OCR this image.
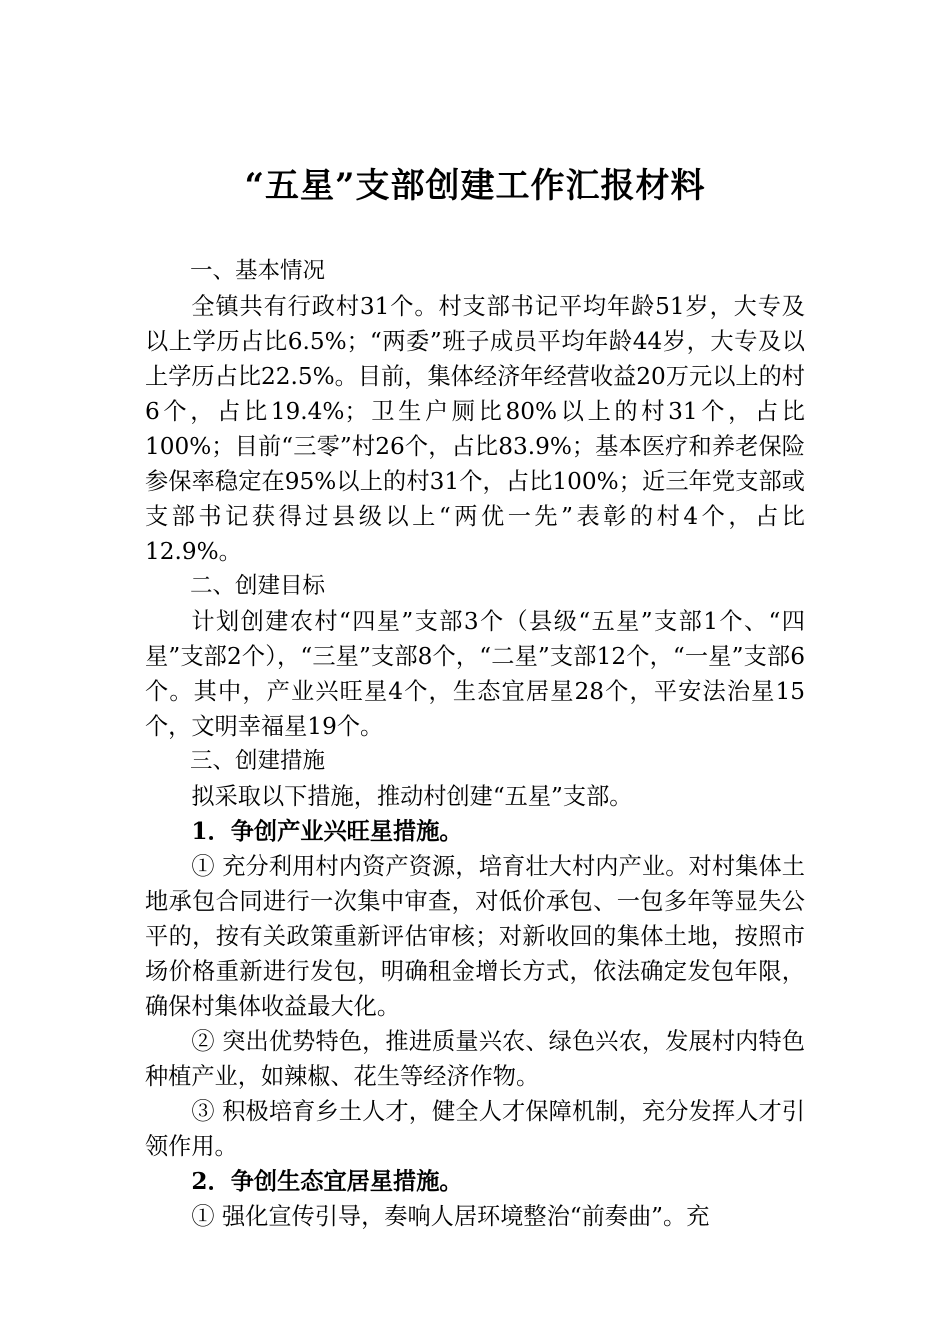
“五星”支部创建工作汇报材料

一、基本情况

全镇共有行政村31个。村支部书记平均年龄51岁，大专及以上学历占比6.5%；“两委”班子成员平均年龄44岁，大专及以上学历占比22.5%。目前，集体经济年经营收益20万元以上的村6个，占比19.4%；卫生户厕比80%以上的村31个，占比100%；目前“三零”村26个，占比83.9%；基本医疗和养老保险参保率稳定在95%以上的村31个，占比100%；近三年党支部或支部书记获得过县级以上“两优一先”表彰的村4个，占比12.9%。

二、创建目标

计划创建农村“四星”支部3个（县级“五星”支部1个、“四星”支部2个），“三星”支部8个，“二星”支部12个，“一星”支部6个。其中，产业兴旺星4个，生态宜居星28个，平安法治星15个，文明幸福星19个。

三、创建措施

拟采取以下措施，推动村创建“五星”支部。

1．争创产业兴旺星措施。

① 充分利用村内资产资源，培育壮大村内产业。对村集体土地承包合同进行一次集中审查，对低价承包、一包多年等显失公平的，按有关政策重新评估审核；对新收回的集体土地，按照市场价格重新进行发包，明确租金增长方式，依法确定发包年限，确保村集体收益最大化。

② 突出优势特色，推进质量兴农、绿色兴农，发展村内特色种植产业，如辣椒、花生等经济作物。

③ 积极培育乡土人才，健全人才保障机制，充分发挥人才引领作用。

2．争创生态宜居星措施。

① 强化宣传引导，奏响人居环境整治“前奏曲”。充
